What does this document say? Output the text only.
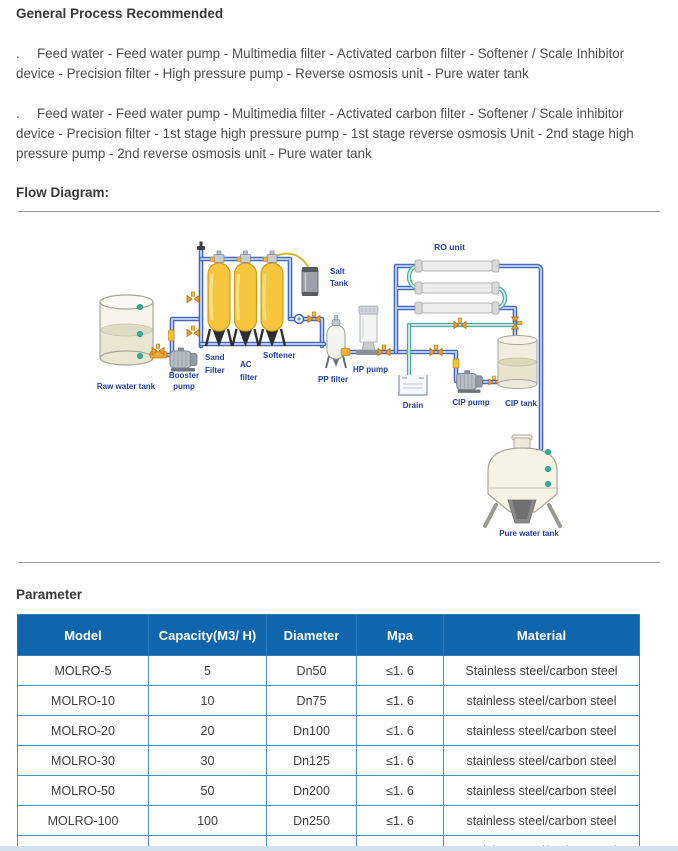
General Process Recommended

. Feed water - Feed water pump - Multimedia filter - Activated carbon filter - Softener / Scale Inhibitor device - Precision filter - High pressure pump - Reverse osmosis unit - Pure water tank

. Feed water - Feed water pump - Multimedia filter - Activated carbon filter - Softener / Scale inhibitor device - Precision filter - 1st stage high pressure pump - 1st stage reverse osmosis Unit - 2nd stage high pressure pump - 2nd reverse osmosis unit - Pure water tank

Flow Diagram:
Raw water tank
Booster
pump
Sand
Filter
AC
filter
Softener
Salt
Tank
PP filter
HP pump
RO unit
Drain	CIP pump CIP tank
Pure water tank
Parameter
Model	Capacity(M3/ H)	Diameter	Mpa	Material
MOLRO-5	5	Dn50	≤1. 6	Stainless steel/carbon steel
MOLRO-10	10	Dn75	≤1. 6	stainless steel/carbon steel
MOLRO-20	20	Dn100	≤1. 6	stainless steel/carbon steel
MOLRO-30	30	Dn125	≤1. 6	stainless steel/carbon steel
MOLRO-50	50	Dn200	≤1. 6	stainless steel/carbon steel
MOLRO-100	100	Dn250	≤1. 6	stainless steel/carbon steel
